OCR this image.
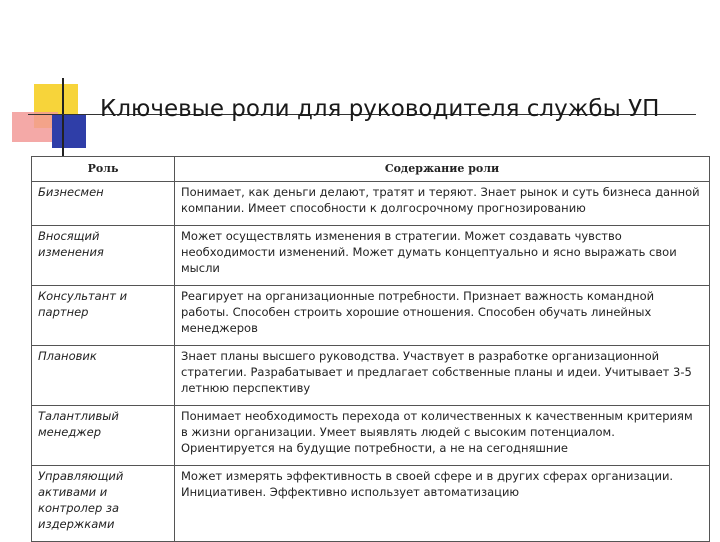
Ключевые роли для руководителя службы УП
Роль	Содержание роли
Бизнесмен	Понимает, как деньги делают, тратят и теряют. Знает рынок и суть бизнеса данной компании. Имеет способности к долгосрочному прогнозированию
Вносящий изменения	Может осуществлять изменения в стратегии. Может создавать чувство необходимости изменений. Может думать концептуально и ясно выражать свои мысли
Консультант и партнер	Реагирует на организационные потребности. Признает важность командной работы. Способен строить хорошие отношения. Способен обучать линейных менеджеров
Плановик	Знает планы высшего руководства. Участвует в разработке организационной стратегии. Разрабатывает и предлагает собственные планы и идеи. Учитывает 3-5 летнюю перспективу
Талантливый менеджер	Понимает необходимость перехода от количественных к качественным критериям в жизни организации. Умеет выявлять людей с высоким потенциалом. Ориентируется на будущие потребности, а не на сегодняшние
Управляющий активами и контролер за издержками	Может измерять эффективность в своей сфере и в других сферах организации. Инициативен. Эффективно использует автоматизацию
